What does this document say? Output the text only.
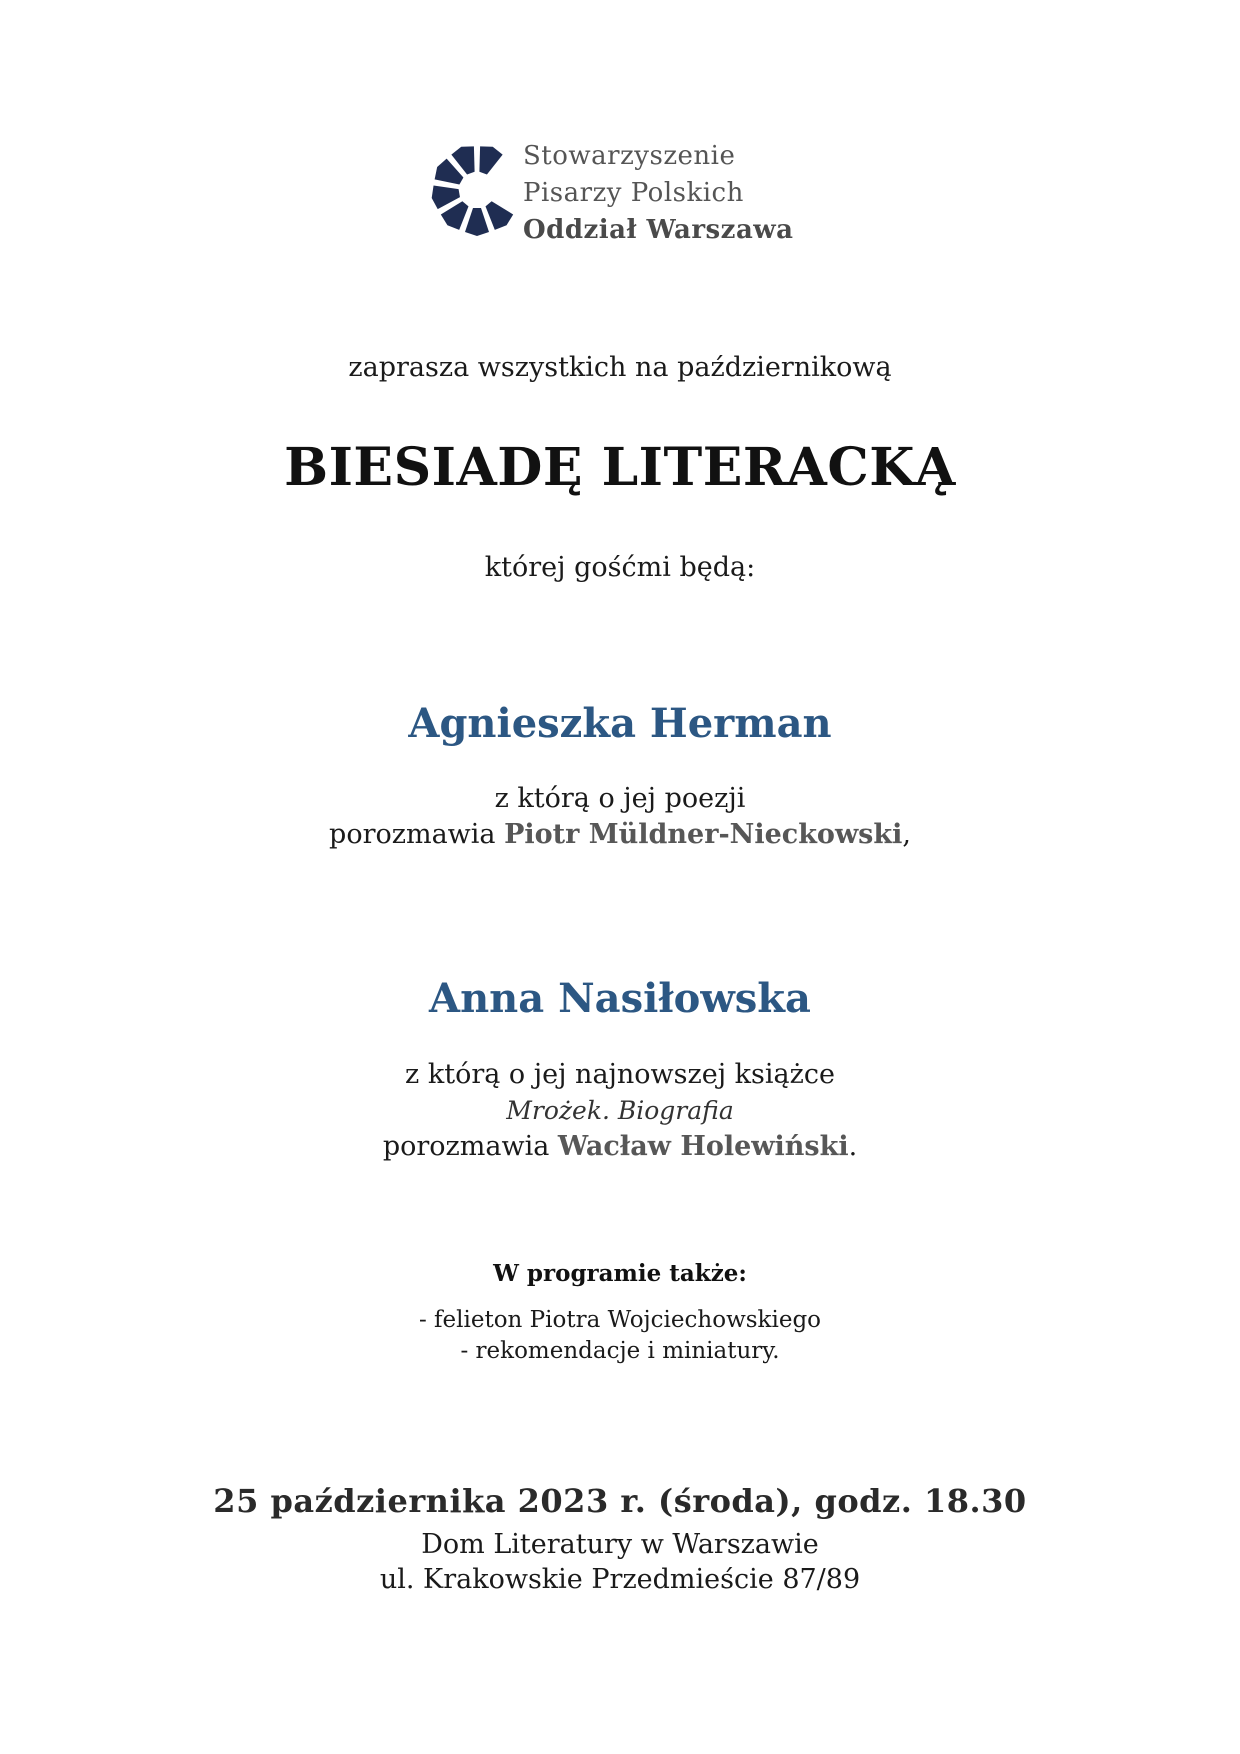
Stowarzyszenie
Pisarzy Polskich
Oddział Warszawa

zaprasza wszystkich na październikową

BIESIADĘ LITERACKĄ

której gośćmi będą:

Agnieszka Herman
z którą o jej poezji
porozmawia Piotr Müldner-Nieckowski,
Anna Nasiłowska
z którą o jej najnowszej książce
Mrożek. Biografia
porozmawia Wacław Holewiński.
W programie także:
- felieton Piotra Wojciechowskiego
- rekomendacje i miniatury.
25 października 2023 r. (środa), godz. 18.30
Dom Literatury w Warszawie
ul. Krakowskie Przedmieście 87/89
